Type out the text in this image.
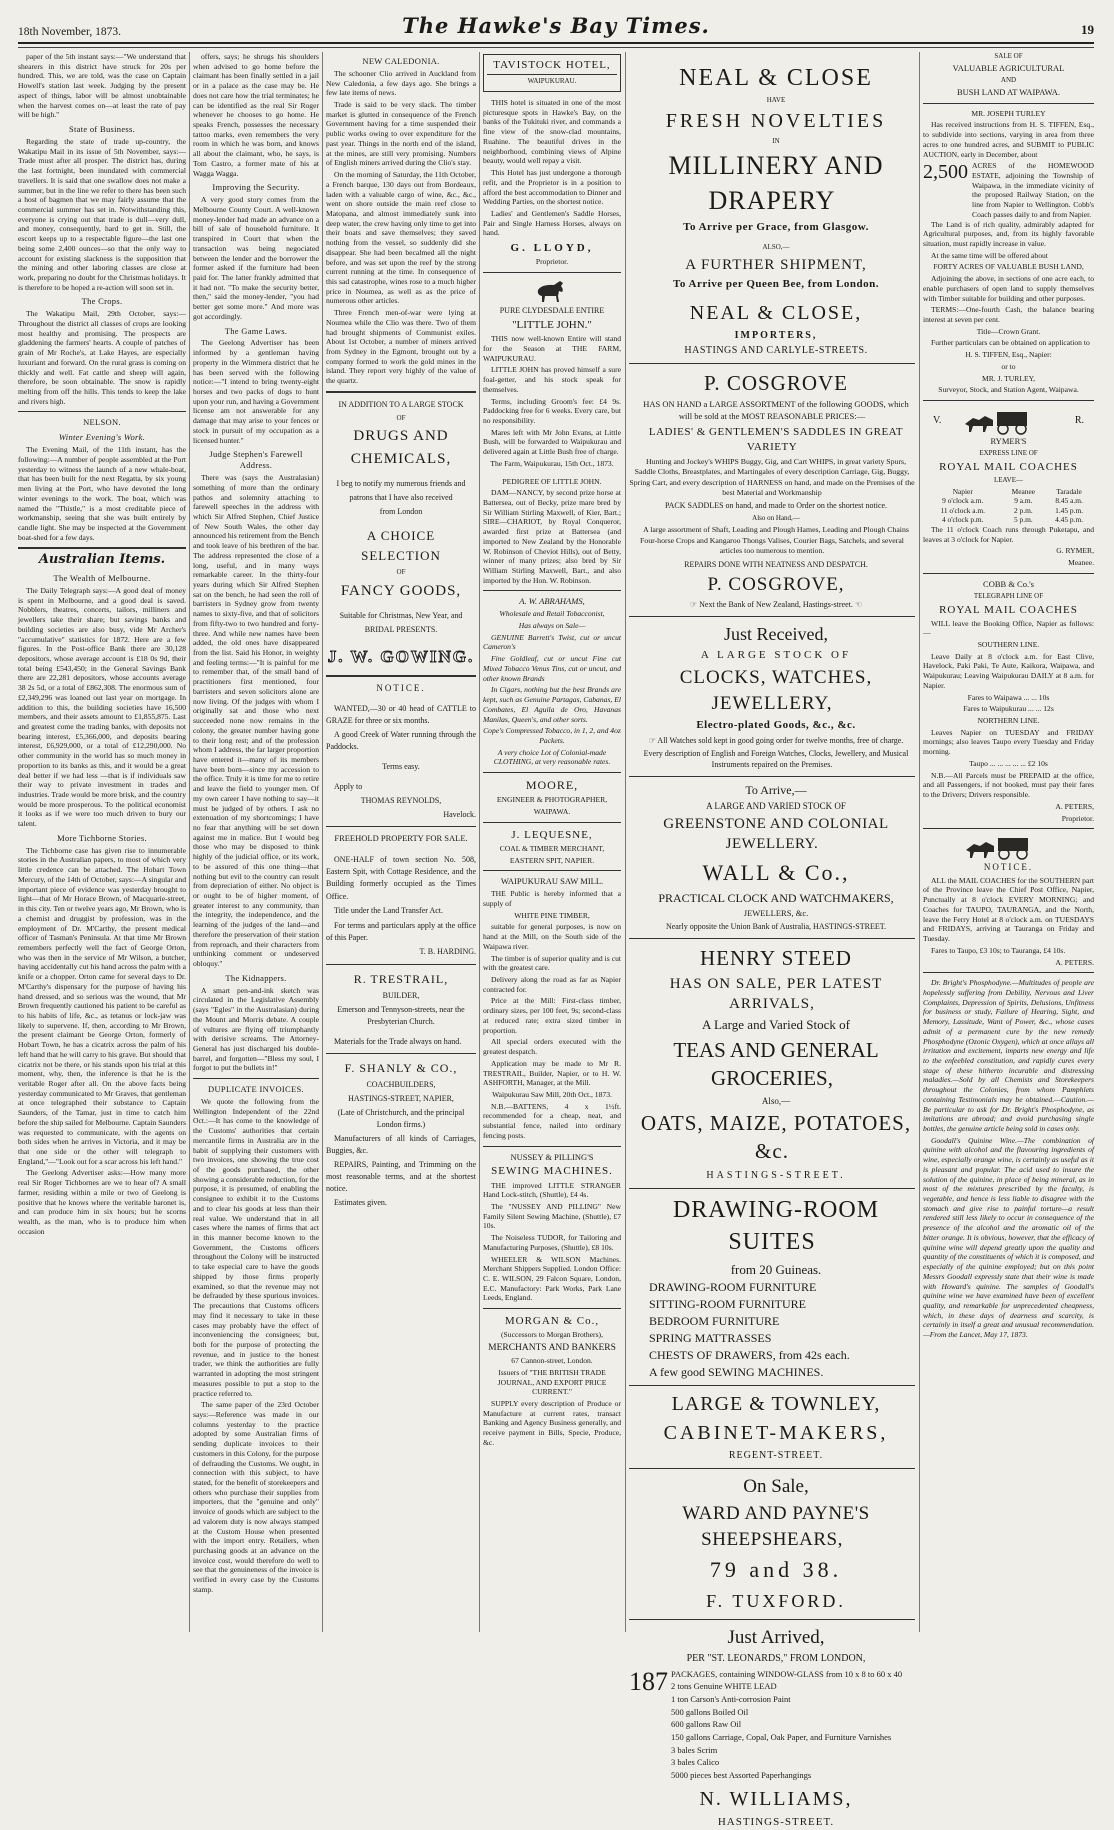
18th November, 1873.	The Hawke's Bay Times.	19

paper of the 5th instant says:—"We understand that shearers in this district have struck for 20s per hundred. This, we are told, was the case on Captain Howell's station last week. Judging by the present aspect of things, labor will be almost unobtainable when the harvest comes on—at least the rate of pay will be high."

State of Business.

Regarding the state of trade up-country, the Wakatipu Mail in its issue of 5th November, says:—Trade must after all prosper. The district has, during the last fortnight, been inundated with commercial travellers. It is said that one swallow does not make a summer, but in the line we refer to there has been such a host of bagmen that we may fairly assume that the commercial summer has set in. Notwithstanding this, everyone is crying out that trade is dull—very dull, and money, consequently, hard to get in. Still, the escort keeps up to a respectable figure—the last one being some 2,400 ounces—so that the only way to account for existing slackness is the supposition that the mining and other laboring classes are close at work, preparing no doubt for the Christmas holidays. It is therefore to be hoped a re-action will soon set in.

The Crops.

The Wakatipu Mail, 29th October, says:—Throughout the district all classes of crops are looking most healthy and promising. The prospects are gladdening the farmers' hearts. A couple of patches of grain of Mr Roche's, at Lake Hayes, are especially luxuriant and forward. On the rural grass is coming on thickly and well. Fat cattle and sheep will again, therefore, be soon obtainable. The snow is rapidly melting from off the hills. This tends to keep the lake and rivers high.

NELSON.
Winter Evening's Work.

The Evening Mail, of the 11th instant, has the following:—A number of people assembled at the Port yesterday to witness the launch of a new whale-boat, that has been built for the next Regatta, by six young men living at the Port, who have devoted the long winter evenings to the work. The boat, which was named the "Thistle," is a most creditable piece of workmanship, seeing that she was built entirely by candle light. She may be inspected at the Government boat-shed for a few days.

Australian Items.
The Wealth of Melbourne.

The Daily Telegraph says:—A good deal of money is spent in Melbourne, and a good deal is saved. Nobblers, theatres, concerts, tailors, milliners and jewellers take their share; but savings banks and building societies are also busy, vide Mr Archer's "accumulative" statistics for 1872. Here are a few figures. In the Post-office Bank there are 30,128 depositors, whose average account is £18 0s 9d, their total being £543,450; in the General Savings Bank there are 22,281 depositors, whose accounts average 38 2s 5d, or a total of £862,308. The enormous sum of £2,349,296 was loaned out last year on mortgage. In addition to this, the building societies have 16,500 members, and their assets amount to £1,855,875. Last and greatest come the trading banks, with deposits not bearing interest, £5,366,000, and deposits bearing interest, £6,929,000, or a total of £12,290,000. No other community in the world has so much money in proportion to its banks as this, and it would be a great deal better if we had less —that is if individuals saw their way to private investment in trades and industries. Trade would be more brisk, and the country would be more prosperous. To the political economist it looks as if we were too much driven to bury our talent.

More Tichborne Stories.

The Tichborne case has given rise to innumerable stories in the Australian papers, to most of which very little credence can be attached. The Hobart Town Mercury, of the 14th of October, says:—A singular and important piece of evidence was yesterday brought to light—that of Mr Horace Brown, of Macquarie-street, in this city. Ten or twelve years ago, Mr Brown, who is a chemist and druggist by profession, was in the employment of Dr. M'Carthy, the present medical officer of Tasman's Peninsula. At that time Mr Brown remembers perfectly well the fact of George Orton, who was then in the service of Mr Wilson, a butcher, having accidentally cut his hand across the palm with a knife or a chopper. Orton came for several days to Dr. M'Carthy's dispensary for the purpose of having his hand dressed, and so serious was the wound, that Mr Brown frequently cautioned his patient to be careful as to his habits of life, &c., as tetanus or lock-jaw was likely to supervene. If, then, according to Mr Brown, the present claimant be George Orton, formerly of Hobart Town, he has a cicatrix across the palm of his left hand that he will carry to his grave. But should that cicatrix not be there, or his stands upon his trial at this moment, why, then, the inference is that he is the veritable Roger after all. On the above facts being yesterday communicated to Mr Graves, that gentleman at once telegraphed their substance to Captain Saunders, of the Tamar, just in time to catch him before the ship sailed for Melbourne. Captain Saunders was requested to communicate, with the agents on both sides when he arrives in Victoria, and it may be that one side or the other will telegraph to England,"—"Look out for a scar across his left hand."

The Geelong Advertiser asks:—How many more real Sir Roger Tichbornes are we to hear of? A small farmer, residing within a mile or two of Geelong is positive that he knows where the veritable baronet is, and can produce him in six hours; but he scorns wealth, as the man, who is to produce him when occasion

offers, says; he shrugs his shoulders when advised to go home before the claimant has been finally settled in a jail or in a palace as the case may be. He does not care how the trial terminates; he can be identified as the real Sir Roger whenever he chooses to go home. He speaks French, possesses the necessary tattoo marks, even remembers the very room in which he was born, and knows all about the claimant, who, he says, is Tom Castro, a former mate of his at Wagga Wagga.

Improving the Security.

A very good story comes from the Melbourne County Court. A well-known money-lender had made an advance on a bill of sale of household furniture. It transpired in Court that when the transaction was being negociated between the lender and the borrower the former asked if the furniture had been paid for. The latter frankly admitted that it had not. "To make the security better, then," said the money-lender, "you had better get some more." And more was got accordingly.

The Game Laws.

The Geelong Advertiser has been informed by a gentleman having property in the Wimmera district that he has been served with the following notice:—"I intend to bring twenty-eight horses and two packs of dogs to hunt upon your run, and having a Government license am not answerable for any damage that may arise to your fences or stock in pursuit of my occupation as a licensed hunter."

Judge Stephen's Farewell Address.

There was (says the Australasian) something of more than the ordinary pathos and solemnity attaching to farewell speeches in the address with which Sir Alfred Stephen, Chief Justice of New South Wales, the other day announced his retirement from the Bench and took leave of his brethren of the bar. The address represented the close of a long, useful, and in many ways remarkable career. In the thirty-four years during which Sir Alfred Stephen sat on the bench, he had seen the roll of barristers in Sydney grow from twenty names to sixty-five, and that of solicitors from fifty-two to two hundred and forty-three. And while new names have been added, the old ones have disappeared from the list. Said his Honor, in weighty and feeling terms:—"It is painful for me to remember that, of the small band of practitioners first mentioned, four barristers and seven solicitors alone are now living. Of the judges with whom I originally sat and those who next succeeded none now remains in the colony, the greater number having gone to their long rest; and of the profession whom I address, the far larger proportion have entered it—many of its members have been born—since my accession to the office. Truly it is time for me to retire and leave the field to younger men. Of my own career I have nothing to say—it must be judged of by others. I ask no extenuation of my shortcomings; I have no fear that anything will be set down against me in malice. But I would beg those who may be disposed to think highly of the judicial office, or its work, to be assured of this one thing—that nothing but evil to the country can result from depreciation of either. No object is or ought to be of higher moment, of greater interest to any community, than the integrity, the independence, and the learning of the judges of the land—and therefore the preservation of their station from reproach, and their characters from unthinking comment or undeserved obloquy."

The Kidnappers.

A smart pen-and-ink sketch was circulated in the Legislative Assembly (says "Egles" in the Australasian) during the Mount and Morris debate. A couple of vultures are flying off triumphantly with derisive screams. The Attorney-General has just discharged his double-barrel, and forgotten—"Bless my soul, I forgot to put the bullets in!"

DUPLICATE INVOICES.

We quote the following from the Wellington Independent of the 22nd Oct.:—It has come to the knowledge of the Customs' authorities that certain mercantile firms in Australia are in the habit of supplying their customers with two invoices, one showing the true cost of the goods purchased, the other showing a considerable reduction, for the purpose, it is presumed, of enabling the consignee to exhibit it to the Customs and to clear his goods at less than their real value. We understand that in all cases where the names of firms that act in this manner become known to the Government, the Customs officers throughout the Colony will be instructed to take especial care to have the goods shipped by those firms properly examined, so that the revenue may not be defrauded by these spurious invoices. The precautions that Customs officers may find it necessary to take in these cases may probably have the effect of inconveniencing the consignees; but, both for the purpose of protecting the revenue, and in justice to the honest trader, we think the authorities are fully warranted in adopting the most stringent measures possible to put a stop to the practice referred to.

The same paper of the 23rd October says:—Reference was made in our columns yesterday to the practice adopted by some Australian firms of sending duplicate invoices to their customers in this Colony, for the purpose of defrauding the Customs. We ought, in connection with this subject, to have stated, for the benefit of storekeepers and others who purchase their supplies from importers, that the "genuine and only" invoice of goods which are subject to the ad valorem duty is now always stamped at the Custom House when presented with the import entry. Retailers, when purchasing goods at an advance on the invoice cost, would therefore do well to see that the genuineness of the invoice is verified in every case by the Customs stamp.

NEW CALEDONIA.

The schooner Clio arrived in Auckland from New Caledonia, a few days ago. She brings a few late items of news.

Trade is said to be very slack. The timber market is glutted in consequence of the French Government having for a time suspended their public works owing to over expenditure for the past year. Things in the north end of the island, at the mines, are still very promising. Numbers of English miners arrived during the Clio's stay.

On the morning of Saturday, the 11th October, a French barque, 130 days out from Bordeaux, laden with a valuable cargo of wine, &c., &c., went on shore outside the main reef close to Matopana, and almost immediately sunk into deep water, the crew having only time to get into their boats and save themselves; they saved nothing from the vessel, so suddenly did she disappear. She had been becalmed all the night before, and was set upon the reef by the strong current running at the time. In consequence of this sad catastrophe, wines rose to a much higher price in Noumea, as well as as the price of numerous other articles.

Three French men-of-war were lying at Noumea while the Clio was there. Two of them had brought shipments of Communist exiles. About 1st October, a number of miners arrived from Sydney in the Egmont, brought out by a company formed to work the gold mines in the island. They report very highly of the value of the quartz.

IN ADDITION TO A LARGE STOCK

OF

DRUGS AND CHEMICALS,

I beg to notify my numerous friends and

patrons that I have also received

from London

A CHOICE SELECTION

OF

FANCY GOODS,

Suitable for Christmas, New Year, and

BRIDAL PRESENTS.

J. W. GOWING.

NOTICE.

WANTED,—30 or 40 head of CATTLE to GRAZE for three or six months.

A good Creek of Water running through the Paddocks.

Terms easy.

Apply to

THOMAS REYNOLDS,

Havelock.

FREEHOLD PROPERTY FOR SALE.

ONE-HALF of town section No. 508, Eastern Spit, with Cottage Residence, and the Building formerly occupied as the Times Office.

Title under the Land Transfer Act.

For terms and particulars apply at the office of this Paper.

T. B. HARDING.

R. TRESTRAIL,

BUILDER,

Emerson and Tennyson-streets, near the Presbyterian Church.

Materials for the Trade always on hand.

F. SHANLY & CO.,

COACHBUILDERS,

HASTINGS-STREET, NAPIER,

(Late of Christchurch, and the principal London firms.)

Manufacturers of all kinds of Carriages, Buggies, &c.

REPAIRS, Painting, and Trimming on the most reasonable terms, and at the shortest notice.

Estimates given.

TAVISTOCK HOTEL,

WAIPUKURAU.

THIS hotel is situated in one of the most picturesque spots in Hawke's Bay, on the banks of the Tukituki river, and commands a fine view of the snow-clad mountains, Ruahine. The beautiful drives in the neighborhood, combining views of Alpine beauty, would well repay a visit.

This Hotel has just undergone a thorough refit, and the Proprietor is in a position to afford the best accommodation to Dinner and Wedding Parties, on the shortest notice.

Ladies' and Gentlemen's Saddle Horses, Pair and Single Harness Horses, always on hand.

G. LLOYD,

Proprietor.

PURE CLYDESDALE ENTIRE

"LITTLE JOHN."

THIS now well-known Entire will stand for the Season at THE FARM, WAIPUKURAU.

LITTLE JOHN has proved himself a sure foal-getter, and his stock speak for themselves.

Terms, including Groom's fee: £4 9s. Paddocking free for 6 weeks. Every care, but no responsibility.

Mares left with Mr John Evans, at Little Bush, will be forwarded to Waipukurau and delivered again at Little Bush free of charge.

The Farm, Waipukurau, 15th Oct., 1873.

PEDIGREE OF LITTLE JOHN.

DAM—NANCY, by second prize horse at Battersea, out of Becky, prize mare bred by Sir William Stirling Maxwell, of Kier, Bart.; SIRE—CHARIOT, by Royal Conqueror, awarded first prize at Battersea (and imported to New Zealand by the Honorable W. Robinson of Cheviot Hills), out of Betty, winner of many prizes; also bred by Sir William Stirling Maxwell, Bart., and also imported by the Hon. W. Robinson.

A. W. ABRAHAMS,

Wholesale and Retail Tobacconist,

Has always on Sale—

GENUINE Barrett's Twist, cut or uncut Cameron's

Fine Goldleaf, cut or uncut Fine cut Mixed Tobacco Venus Tins, cut or uncut, and other known Brands

In Cigars, nothing but the best Brands are kept, such as Genuine Partagas, Cabanas, El Combates, El Aguila de Oro, Havanas Manilas, Queen's, and other sorts.

Cope's Compressed Tobacco, in 1, 2, and 4oz Packets.

A very choice Lot of Colonial-made CLOTHING, at very reasonable rates.

MOORE,

ENGINEER & PHOTOGRAPHER,

WAIPAWA.

J. LEQUESNE,

COAL & TIMBER MERCHANT,

EASTERN SPIT, NAPIER.

WAIPUKURAU SAW MILL.

THE Public is hereby informed that a supply of

WHITE PINE TIMBER,

suitable for general purposes, is now on hand at the Mill, on the South side of the Waipawa river.

The timber is of superior quality and is cut with the greatest care.

Delivery along the road as far as Napier contracted for.

Price at the Mill: First-class timber, ordinary sizes, per 100 feet, 9s; second-class at reduced rate; extra sized timber in proportion.

All special orders executed with the greatest despatch.

Application may be made to Mr R. TRESTRAIL, Builder, Napier, or to H. W. ASHFORTH, Manager, at the Mill.

Waipukurau Saw Mill, 20th Oct., 1873.

N.B.—BATTENS, 4 x 1½ft. recommended for a cheap, neat, and substantial fence, nailed into ordinary fencing posts.

NUSSEY & PILLING'S

SEWING MACHINES.

THE improved LITTLE STRANGER Hand Lock-stitch, (Shuttle), £4 4s.

The "NUSSEY AND PILLING" New Family Silent Sewing Machine, (Shuttle), £7 10s.

The Noiseless TUDOR, for Tailoring and Manufacturing Purposes, (Shuttle), £8 10s.

WHEELER & WILSON Machines. Merchant Shippers Supplied. London Office: C. E. WILSON, 29 Falcon Square, London, E.C. Manufactory: Park Works, Park Lane Leeds, England.

MORGAN & Co.,

(Successors to Morgan Brothers),

MERCHANTS AND BANKERS

67 Cannon-street, London.

Issuers of "THE BRITISH TRADE JOURNAL, AND EXPORT PRICE CURRENT."

SUPPLY every description of Produce or Manufacture at current rates, transact Banking and Agency Business generally, and receive payment in Bills, Specie, Produce, &c.

NEAL & CLOSE

HAVE

FRESH NOVELTIES

IN

MILLINERY AND DRAPERY

To Arrive per Grace, from Glasgow.

ALSO,—

A FURTHER SHIPMENT,

To Arrive per Queen Bee, from London.

NEAL & CLOSE,

IMPORTERS,

HASTINGS AND CARLYLE-STREETS.

P. COSGROVE

HAS ON HAND a LARGE ASSORTMENT of the following GOODS, which will be sold at the MOST REASONABLE PRICES:—

LADIES' & GENTLEMEN'S SADDLES IN GREAT VARIETY

Hunting and Jockey's WHIPS Buggy, Gig, and Cart WHIPS, in great variety Spurs, Saddle Cloths, Breastplates, and Martingales of every description Carriage, Gig, Buggy, Spring Cart, and every description of HARNESS on hand, and made on the Premises of the best Material and Workmanship

PACK SADDLES on hand, and made to Order on the shortest notice.

Also on Hand,—

A large assortment of Shaft, Leading and Plough Hames, Leading and Plough Chains Four-horse Crops and Kangaroo Thongs Valises, Courier Bags, Satchels, and several articles too numerous to mention.

REPAIRS DONE WITH NEATNESS AND DESPATCH.

P. COSGROVE,

☞ Next the Bank of New Zealand, Hastings-street. ☜

Just Received,

A LARGE STOCK OF

CLOCKS, WATCHES, JEWELLERY,

Electro-plated Goods, &c., &c.

☞ All Watches sold kept in good going order for twelve months, free of charge.

Every description of English and Foreign Watches, Clocks, Jewellery, and Musical Instruments repaired on the Premises.

To Arrive,—

A LARGE AND VARIED STOCK OF

GREENSTONE AND COLONIAL JEWELLERY.

WALL & Co.,

PRACTICAL CLOCK AND WATCHMAKERS,

JEWELLERS, &c.

Nearly opposite the Union Bank of Australia, HASTINGS-STREET.

HENRY STEED

HAS ON SALE, PER LATEST ARRIVALS,

A Large and Varied Stock of

TEAS AND GENERAL GROCERIES,

Also,—

OATS, MAIZE, POTATOES, &c.

HASTINGS-STREET.

DRAWING-ROOM SUITES

from 20 Guineas.

DRAWING-ROOM FURNITURE

SITTING-ROOM FURNITURE

BEDROOM FURNITURE

SPRING MATTRASSES

CHESTS OF DRAWERS, from 42s each.

A few good SEWING MACHINES.

LARGE & TOWNLEY,

CABINET-MAKERS,

REGENT-STREET.

On Sale,

WARD AND PAYNE'S SHEEPSHEARS,

79 and 38.

F. TUXFORD.

Just Arrived,

PER "ST. LEONARDS," FROM LONDON,

187 PACKAGES, containing WINDOW-GLASS from 10 x 8 to 60 x 40

2 tons Genuine WHITE LEAD

1 ton Carson's Anti-corrosion Paint

500 gallons Boiled Oil

600 gallons Raw Oil

150 gallons Carriage, Copal, Oak Paper, and Furniture Varnishes

3 bales Scrim

3 bales Calico

5000 pieces best Assorted Paperhangings

N. WILLIAMS,

HASTINGS-STREET.

SALE OF

VALUABLE AGRICULTURAL

AND

BUSH LAND AT WAIPAWA.

MR. JOSEPH TURLEY

Has received instructions from H. S. TIFFEN, Esq., to subdivide into sections, varying in area from three acres to one hundred acres, and SUBMIT to PUBLIC AUCTION, early in December, about

2,500 ACRES of the HOMEWOOD ESTATE, adjoining the Township of Waipawa, in the immediate vicinity of the proposed Railway Station, on the line from Napier to Wellington. Cobb's Coach passes daily to and from Napier.

The Land is of rich quality, admirably adapted for Agricultural purposes, and, from its highly favorable situation, must rapidly increase in value.

At the same time will be offered about

FORTY ACRES OF VALUABLE BUSH LAND,

Adjoining the above, in sections of one acre each, to enable purchasers of open land to supply themselves with Timber suitable for building and other purposes.

TERMS:—One-fourth Cash, the balance bearing interest at seven per cent.

Title—Crown Grant.

Further particulars can be obtained on application to

H. S. TIFFEN, Esq., Napier:

or to

MR. J. TURLEY,

Surveyor, Stock, and Station Agent, Waipawa.

V.	R.

RYMER'S

EXPRESS LINE OF

ROYAL MAIL COACHES

LEAVE—

Napier	Meanee	Taradale
9 o'clock a.m.	9 a.m.	8.45 a.m.
11 o'clock a.m.	2 p.m.	1.45 p.m.
4 o'clock p.m.	5 p.m.	4.45 p.m.

The 11 o'clock Coach runs through Puketapu, and leaves at 3 o'clock for Napier.

G. RYMER,

Meanee.

COBB & Co.'s

TELEGRAPH LINE OF

ROYAL MAIL COACHES

WILL leave the Booking Office, Napier as follows:—

SOUTHERN LINE.

Leave Daily at 8 o'clock a.m. for East Clive, Havelock, Paki Paki, Te Aute, Kaikora, Waipawa, and Waipukurau; Leaving Waipukurau DAILY at 8 a.m. for Napier.

Fares to Waipawa ... ... 10s

Fares to Waipukurau ... ... 12s

NORTHERN LINE.

Leaves Napier on TUESDAY and FRIDAY mornings; also leaves Taupo every Tuesday and Friday morning.

Taupo ... ... ... ... ... £2 10s

N.B.—All Parcels must be PREPAID at the office, and all Passengers, if not booked, must pay their fares to the Drivers; Drivers responsible.

A. PETERS,

Proprietor.

NOTICE.

ALL the MAIL COACHES for the SOUTHERN part of the Province leave the Chief Post Office, Napier, Punctually at 8 o'clock EVERY MORNING; and Coaches for TAUPO, TAURANGA, and the North, leave the Ferry Hotel at 8 o'clock a.m. on TUESDAYS and FRIDAYS, arriving at Tauranga on Friday and Tuesday.

Fares to Taupo, £3 10s; to Tauranga, £4 10s.

A. PETERS.

Dr. Bright's Phosphodyne.—Multitudes of people are hopelessly suffering from Debility, Nervous and Liver Complaints, Depression of Spirits, Delusions, Unfitness for business or study, Failure of Hearing, Sight, and Memory, Lassitude, Want of Power, &c., whose cases admit of a permanent cure by the new remedy Phosphodyne (Ozonic Oxygen), which at once allays all irritation and excitement, imparts new energy and life to the enfeebled constitution, and rapidly cures every stage of these hitherto incurable and distressing maladies.—Sold by all Chemists and Storekeepers throughout the Colonies, from whom Pamphlets containing Testimonials may be obtained.—Caution.—Be particular to ask for Dr. Bright's Phosphodyne, as imitations are abroad; and avoid purchasing single bottles, the genuine article being sold in cases only.

Goodall's Quinine Wine.—The combination of quinine with alcohol and the flavouring ingredients of wine, especially orange wine, is certainly as useful as it is pleasant and popular. The acid used to insure the solution of the quinine, in place of being mineral, as in most of the mixtures prescribed by the faculty, is vegetable, and hence is less liable to disagree with the stomach and give rise to painful torture—a result rendered still less likely to occur in consequence of the presence of the alcohol and the aromatic oil of the bitter orange. It is obvious, however, that the efficacy of quinine wine will depend greatly upon the quality and quantity of the constituents of which it is composed, and especially of the quinine employed; but on this point Messrs Goodall expressly state that their wine is made with Howard's quinine. The samples of Goodall's quinine wine we have examined have been of excellent quality, and remarkable for unprecedented cheapness, which, in these days of dearness and scarcity, is certainly in itself a great and unusual recommendation.—From the Lancet, May 17, 1873.
